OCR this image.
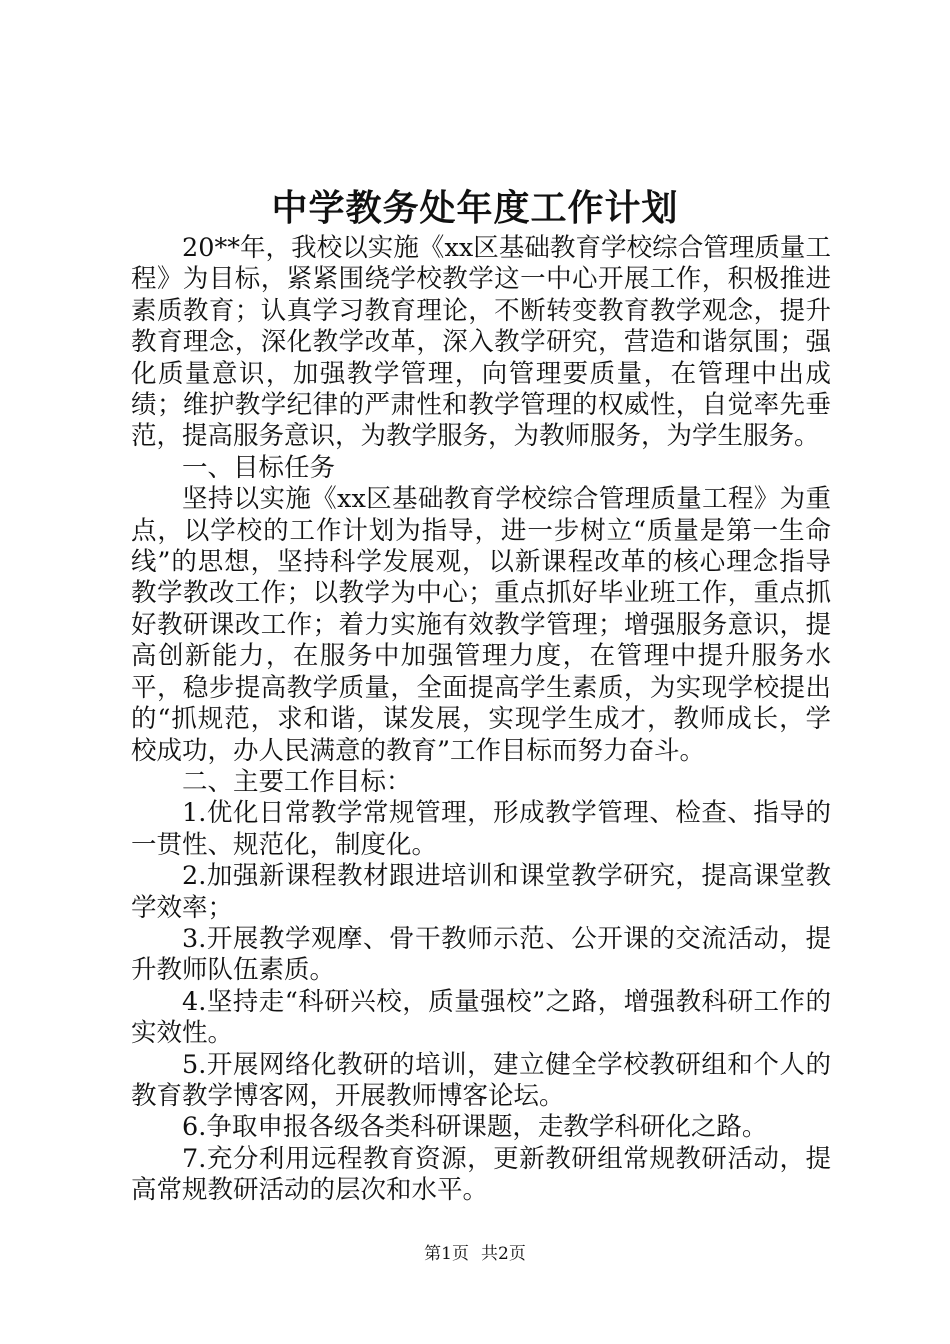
中学教务处年度工作计划

20**年，我校以实施《xx区基础教育学校综合管理质量工程》为目标，紧紧围绕学校教学这一中心开展工作，积极推进素质教育；认真学习教育理论，不断转变教育教学观念，提升教育理念，深化教学改革，深入教学研究，营造和谐氛围；强化质量意识，加强教学管理，向管理要质量，在管理中出成绩；维护教学纪律的严肃性和教学管理的权威性，自觉率先垂范，提高服务意识，为教学服务，为教师服务，为学生服务。

一、目标任务

坚持以实施《xx区基础教育学校综合管理质量工程》为重点，以学校的工作计划为指导，进一步树立“质量是第一生命线”的思想，坚持科学发展观，以新课程改革的核心理念指导教学教改工作；以教学为中心；重点抓好毕业班工作，重点抓好教研课改工作；着力实施有效教学管理；增强服务意识，提高创新能力，在服务中加强管理力度，在管理中提升服务水平，稳步提高教学质量，全面提高学生素质，为实现学校提出的“抓规范，求和谐，谋发展，实现学生成才，教师成长，学校成功，办人民满意的教育”工作目标而努力奋斗。

二、主要工作目标：

1.优化日常教学常规管理，形成教学管理、检查、指导的一贯性、规范化，制度化。

2.加强新课程教材跟进培训和课堂教学研究，提高课堂教学效率；

3.开展教学观摩、骨干教师示范、公开课的交流活动，提升教师队伍素质。

4.坚持走“科研兴校，质量强校”之路，增强教科研工作的实效性。

5.开展网络化教研的培训，建立健全学校教研组和个人的教育教学博客网，开展教师博客论坛。

6.争取申报各级各类科研课题，走教学科研化之路。

7.充分利用远程教育资源，更新教研组常规教研活动，提高常规教研活动的层次和水平。

第1页 共2页
